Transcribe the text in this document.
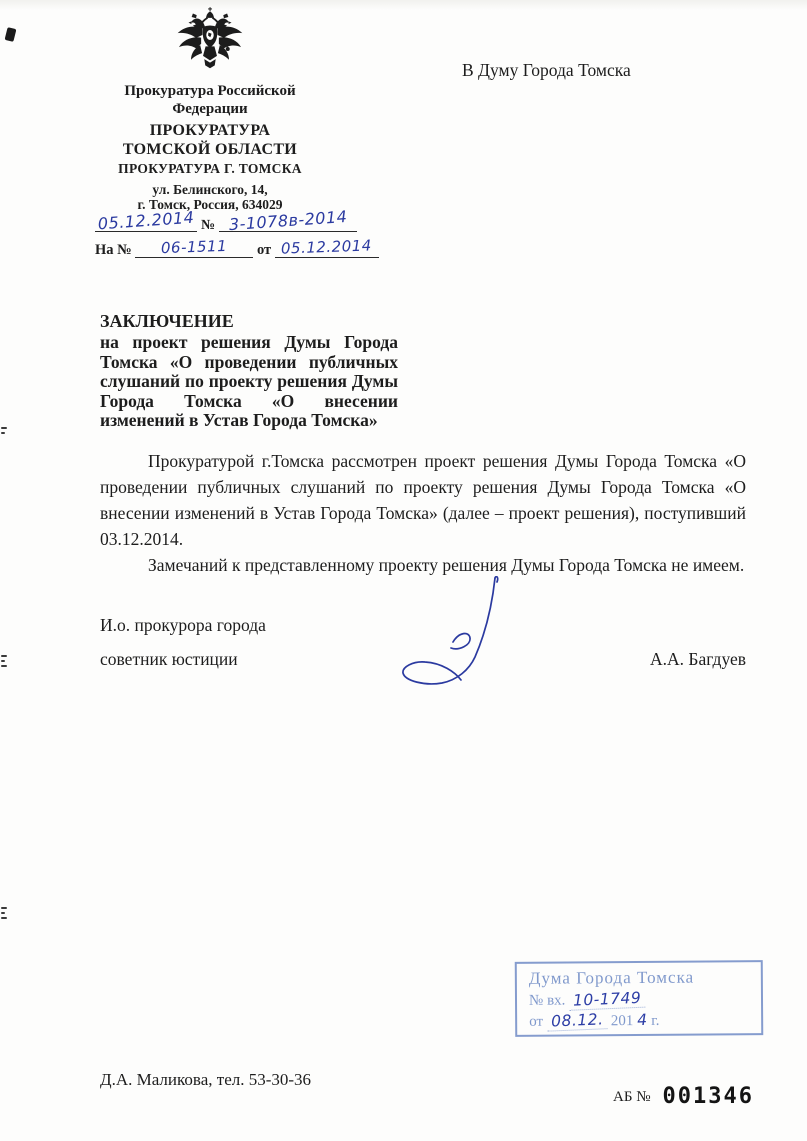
Прокуратура Российской
Федерации
ПРОКУРАТУРА
ТОМСКОЙ ОБЛАСТИ
ПРОКУРАТУРА Г. ТОМСКА
ул. Белинского, 14,
г. Томск, Россия, 634029
05.12.2014 № 3-1078в-2014
На № 06-1511 от 05.12.2014
В Думу Города Томска
ЗАКЛЮЧЕНИЕ
на проект решения Думы Города Томска «О проведении публичных слушаний по проекту решения Думы Города Томска «О внесении изменений в Устав Города Томска»

Прокуратурой г.Томска рассмотрен проект решения Думы Города Томска «О проведении публичных слушаний по проекту решения Думы Города Томска «О внесении изменений в Устав Города Томска» (далее – проект решения), поступивший 03.12.2014.

Замечаний к представленному проекту решения Думы Города Томска не имеем.

И.о. прокурора города
советник юстиции	А.А. Багдуев
Дума Города Томска
№ вх. 10-1749
от 08.12. 201 4 г.
Д.А. Маликова, тел. 53-30-36
АБ № 001346
